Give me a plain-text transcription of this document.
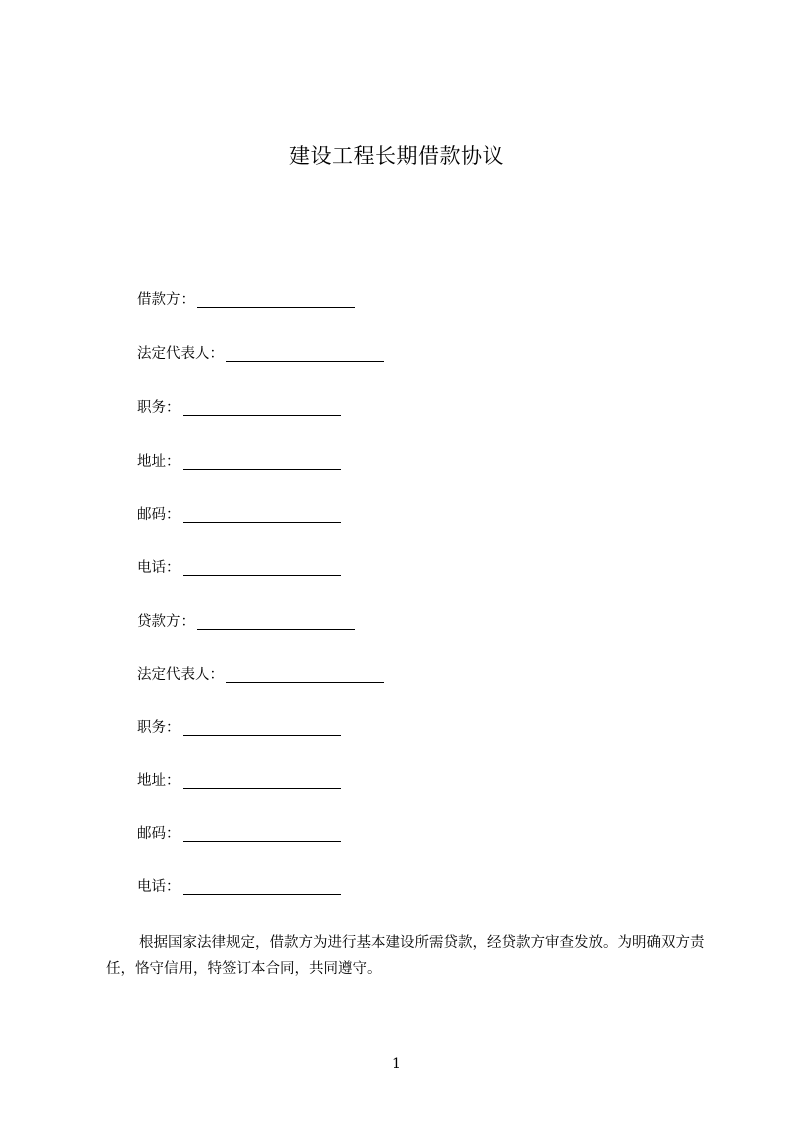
建设工程长期借款协议
借款方：
法定代表人：
职务：
地址：
邮码：
电话：
贷款方：
法定代表人：
职务：
地址：
邮码：
电话：

根据国家法律规定，借款方为进行基本建设所需贷款，经贷款方审查发放。为明确双方责任，恪守信用，特签订本合同，共同遵守。

1
